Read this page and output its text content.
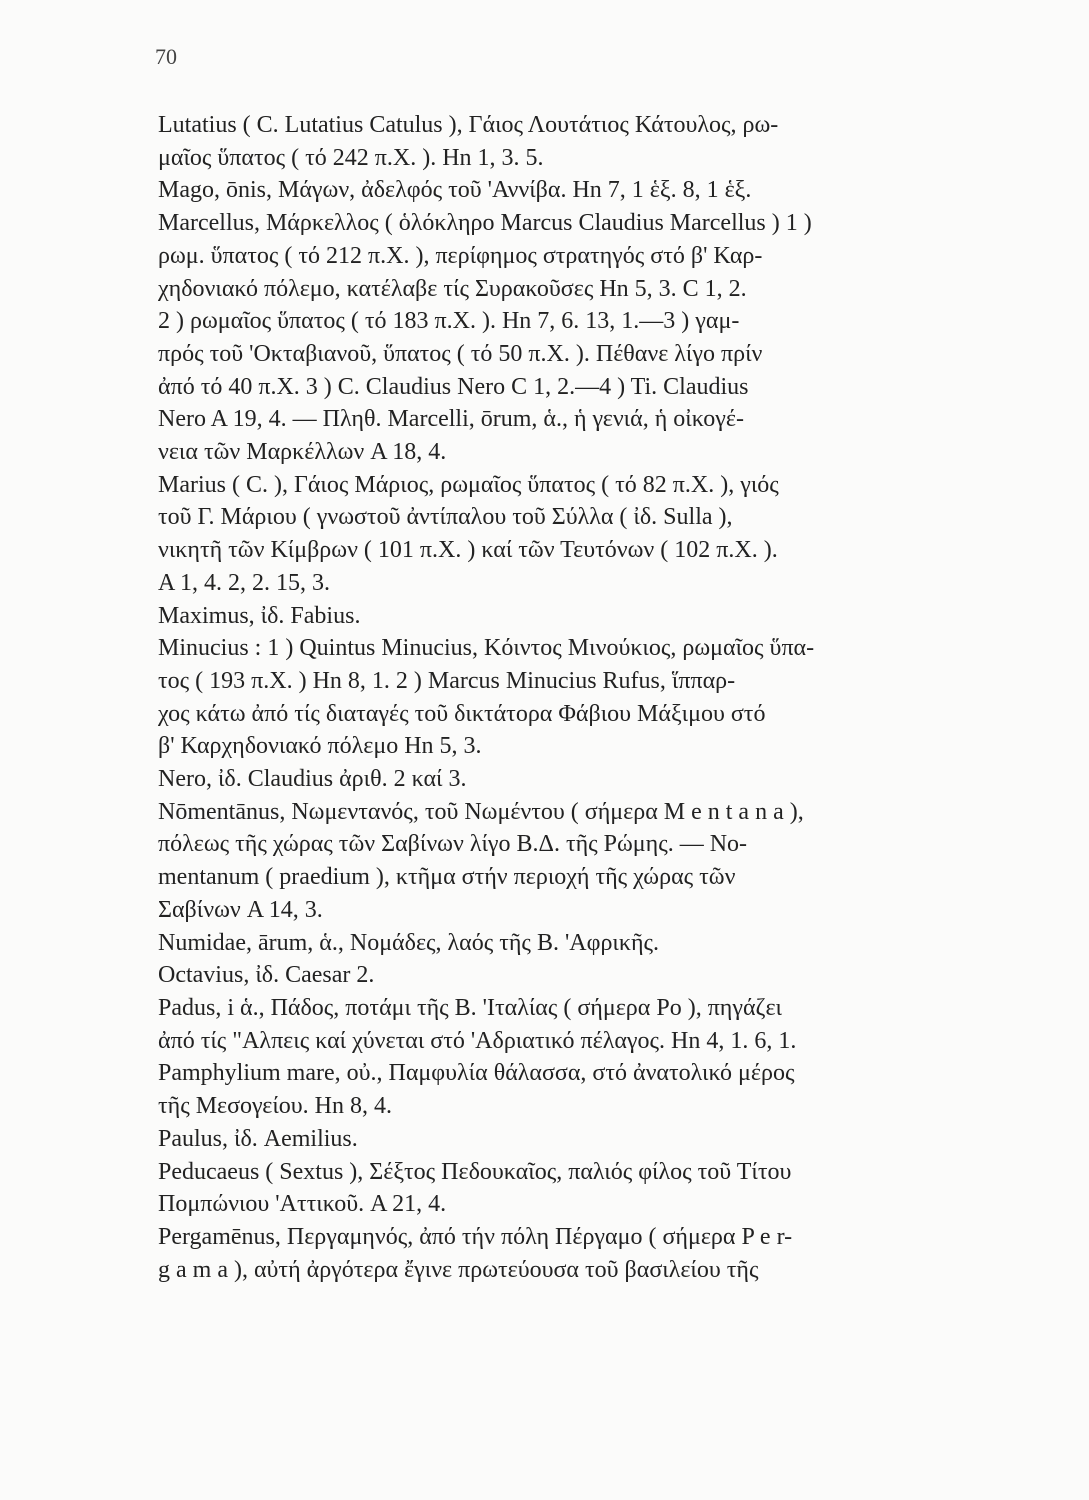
70
Lutatius ( C. Lutatius Catulus ), Γάιος Λουτάτιος Κάτουλος, ρω-
μαῖος ὕπατος ( τό 242 π.Χ. ). Hn 1, 3. 5.
Mago, ōnis, Μάγων, ἀδελφός τοῦ 'Αννίβα. Hn 7, 1 ἑξ. 8, 1 ἑξ.
Marcellus, Μάρκελλος ( ὁλόκληρο Marcus Claudius Marcellus ) 1 )
ρωμ. ὕπατος ( τό 212 π.Χ. ), περίφημος στρατηγός στό β' Καρ-
χηδονιακό πόλεμο, κατέλαβε τίς Συρακοῦσες Hn 5, 3. C 1, 2.
2 ) ρωμαῖος ὕπατος ( τό 183 π.Χ. ). Hn 7, 6. 13, 1.—3 ) γαμ-
πρός τοῦ 'Οκταβιανοῦ, ὕπατος ( τό 50 π.Χ. ). Πέθανε λίγο πρίν
ἀπό τό 40 π.Χ. 3 ) C. Claudius Nero C 1, 2.—4 ) Ti. Claudius
Nero A 19, 4. — Πληθ. Marcelli, ōrum, ἁ., ἡ γενιά, ἡ οἰκογέ-
νεια τῶν Μαρκέλλων A 18, 4.
Marius ( C. ), Γάιος Μάριος, ρωμαῖος ὕπατος ( τό 82 π.Χ. ), γιός
τοῦ Γ. Μάριου ( γνωστοῦ ἀντίπαλου τοῦ Σύλλα ( ἰδ. Sulla ),
νικητῆ τῶν Κίμβρων ( 101 π.Χ. ) καί τῶν Τευτόνων ( 102 π.Χ. ).
A 1, 4. 2, 2. 15, 3.
Maximus, ἰδ. Fabius.
Minucius : 1 ) Quintus Minucius, Κόιντος Μινούκιος, ρωμαῖος ὕπα-
τος ( 193 π.Χ. ) Hn 8, 1. 2 ) Marcus Minucius Rufus, ἵππαρ-
χος κάτω ἀπό τίς διαταγές τοῦ δικτάτορα Φάβιου Μάξιμου στό
β' Καρχηδονιακό πόλεμο Hn 5, 3.
Nero, ἰδ. Claudius ἀριθ. 2 καί 3.
Nōmentānus, Νωμεντανός, τοῦ Νωμέντου ( σήμερα M e n t a n a ),
πόλεως τῆς χώρας τῶν Σαβίνων λίγο Β.Δ. τῆς Ρώμης. — No-
mentanum ( praedium ), κτῆμα στήν περιοχή τῆς χώρας τῶν
Σαβίνων A 14, 3.
Numidae, ārum, ἁ., Νομάδες, λαός τῆς Β. 'Αφρικῆς.
Octavius, ἰδ. Caesar 2.
Padus, i ἁ., Πάδος, ποτάμι τῆς Β. 'Ιταλίας ( σήμερα Po ), πηγάζει
ἀπό τίς "Αλπεις καί χύνεται στό 'Αδριατικό πέλαγος. Hn 4, 1. 6, 1.
Pamphylium mare, οὐ., Παμφυλία θάλασσα, στό ἀνατολικό μέρος
τῆς Μεσογείου. Hn 8, 4.
Paulus, ἰδ. Aemilius.
Peducaeus ( Sextus ), Σέξτος Πεδουκαῖος, παλιός φίλος τοῦ Τίτου
Πομπώνιου 'Αττικοῦ. A 21, 4.
Pergamēnus, Περγαμηνός, ἀπό τήν πόλη Πέργαμο ( σήμερα P e r-
g a m a ), αὐτή ἀργότερα ἔγινε πρωτεύουσα τοῦ βασιλείου τῆς
